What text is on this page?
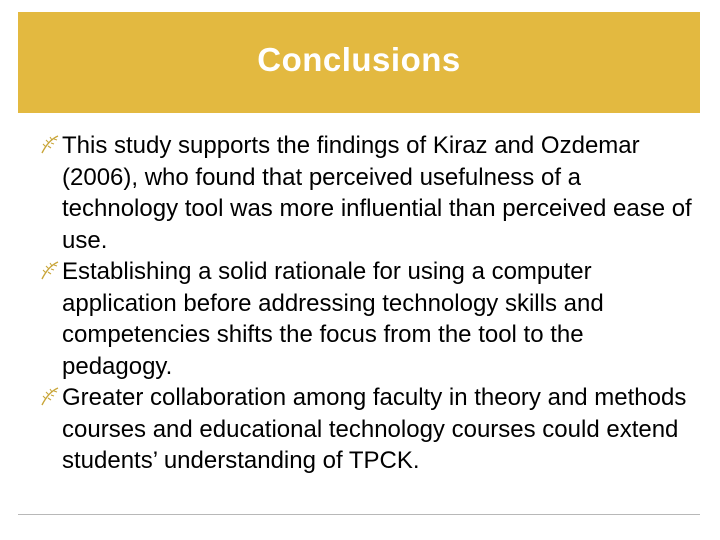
Conclusions

This study supports the findings of Kiraz and Ozdemar (2006), who found that perceived usefulness of a technology tool was more influential than perceived ease of use.

Establishing a solid rationale for using a computer application before addressing technology skills and competencies shifts the focus from the tool to the pedagogy.

Greater collaboration among faculty in theory and methods courses and educational technology courses could extend students’ understanding of TPCK.
